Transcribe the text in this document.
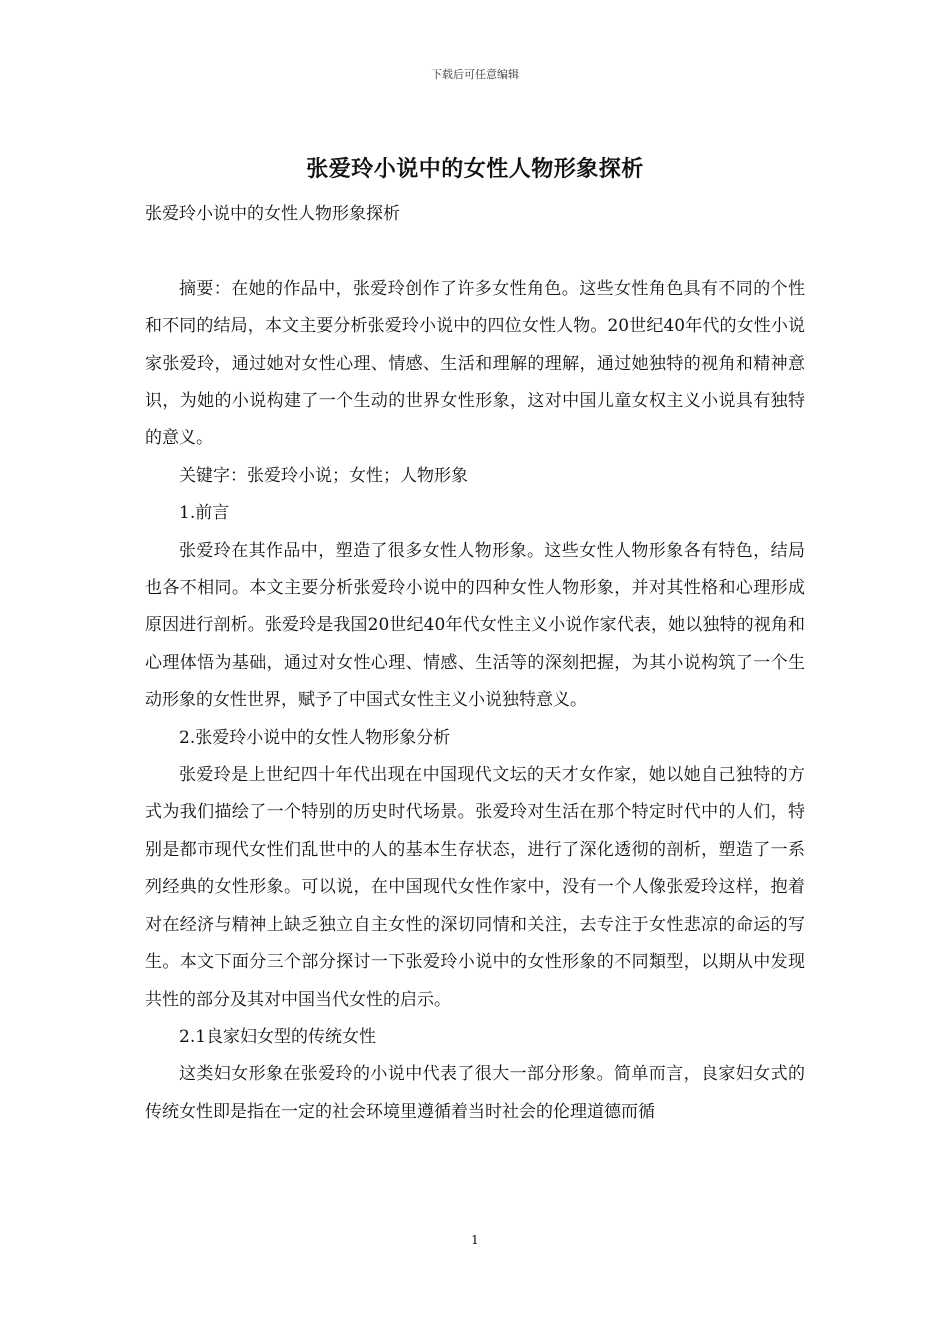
下载后可任意编辑
张爱玲小说中的女性人物形象探析

张爱玲小说中的女性人物形象探析

摘要：在她的作品中，张爱玲创作了许多女性角色。这些女性角色具有不同的个性和不同的结局，本文主要分析张爱玲小说中的四位女性人物。20世纪40年代的女性小说家张爱玲，通过她对女性心理、情感、生活和理解的理解，通过她独特的视角和精神意识，为她的小说构建了一个生动的世界女性形象，这对中国儿童女权主义小说具有独特的意义。

关键字：张爱玲小说；女性；人物形象

1.前言

张爱玲在其作品中，塑造了很多女性人物形象。这些女性人物形象各有特色，结局也各不相同。本文主要分析张爱玲小说中的四种女性人物形象，并对其性格和心理形成原因进行剖析。张爱玲是我国20世纪40年代女性主义小说作家代表，她以独特的视角和心理体悟为基础，通过对女性心理、情感、生活等的深刻把握，为其小说构筑了一个生动形象的女性世界，赋予了中国式女性主义小说独特意义。

2.张爱玲小说中的女性人物形象分析

张爱玲是上世纪四十年代出现在中国现代文坛的天才女作家，她以她自己独特的方式为我们描绘了一个特别的历史时代场景。张爱玲对生活在那个特定时代中的人们，特别是都市现代女性们乱世中的人的基本生存状态，进行了深化透彻的剖析，塑造了一系列经典的女性形象。可以说，在中国现代女性作家中，没有一个人像张爱玲这样，抱着对在经济与精神上缺乏独立自主女性的深切同情和关注，去专注于女性悲凉的命运的写生。本文下面分三个部分探讨一下张爱玲小说中的女性形象的不同類型，以期从中发现共性的部分及其对中国当代女性的启示。

2.1良家妇女型的传统女性

这类妇女形象在张爱玲的小说中代表了很大一部分形象。简单而言，良家妇女式的传统女性即是指在一定的社会环境里遵循着当时社会的伦理道德而循

1
